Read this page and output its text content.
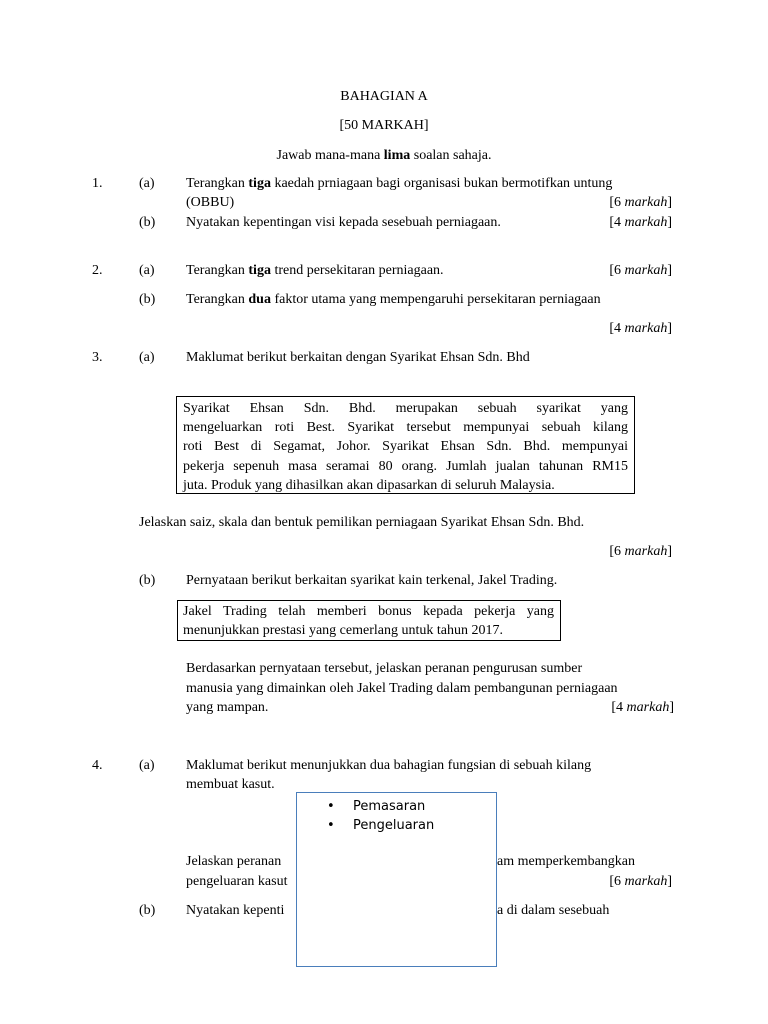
BAHAGIAN A
[50 MARKAH]
Jawab mana-mana lima soalan sahaja.
1.	(a) Terangkan tiga kaedah prniagaan bagi organisasi bukan bermotifkan untung
(OBBU)	[6 markah]
(b) Nyatakan kepentingan visi kepada sesebuah perniagaan.	[4 markah]
2.	(a) Terangkan tiga trend persekitaran perniagaan.	[6 markah]
(b) Terangkan dua faktor utama yang mempengaruhi persekitaran perniagaan
[4 markah]
3.	(a) Maklumat berikut berkaitan dengan Syarikat Ehsan Sdn. Bhd
Syarikat Ehsan Sdn. Bhd. merupakan sebuah syarikat yang
mengeluarkan roti Best. Syarikat tersebut mempunyai sebuah kilang
roti Best di Segamat, Johor. Syarikat Ehsan Sdn. Bhd. mempunyai
pekerja sepenuh masa seramai 80 orang. Jumlah jualan tahunan RM15
juta. Produk yang dihasilkan akan dipasarkan di seluruh Malaysia.
Jelaskan saiz, skala dan bentuk pemilikan perniagaan Syarikat Ehsan Sdn. Bhd.
[6 markah]
(b) Pernyataan berikut berkaitan syarikat kain terkenal, Jakel Trading.
Jakel Trading telah memberi bonus kepada pekerja yang
menunjukkan prestasi yang cemerlang untuk tahun 2017.
Berdasarkan pernyataan tersebut, jelaskan peranan pengurusan sumber
manusia yang dimainkan oleh Jakel Trading dalam pembangunan perniagaan
yang mampan.	[4 markah]
4.	(a) Maklumat berikut menunjukkan dua bahagian fungsian di sebuah kilang
membuat kasut.
Jelaskan peranan	am memperkembangkan
pengeluaran kasut	[6 markah]
(b) Nyatakan kepenti	a di dalam sesebuah
• Pemasaran
• Pengeluaran
